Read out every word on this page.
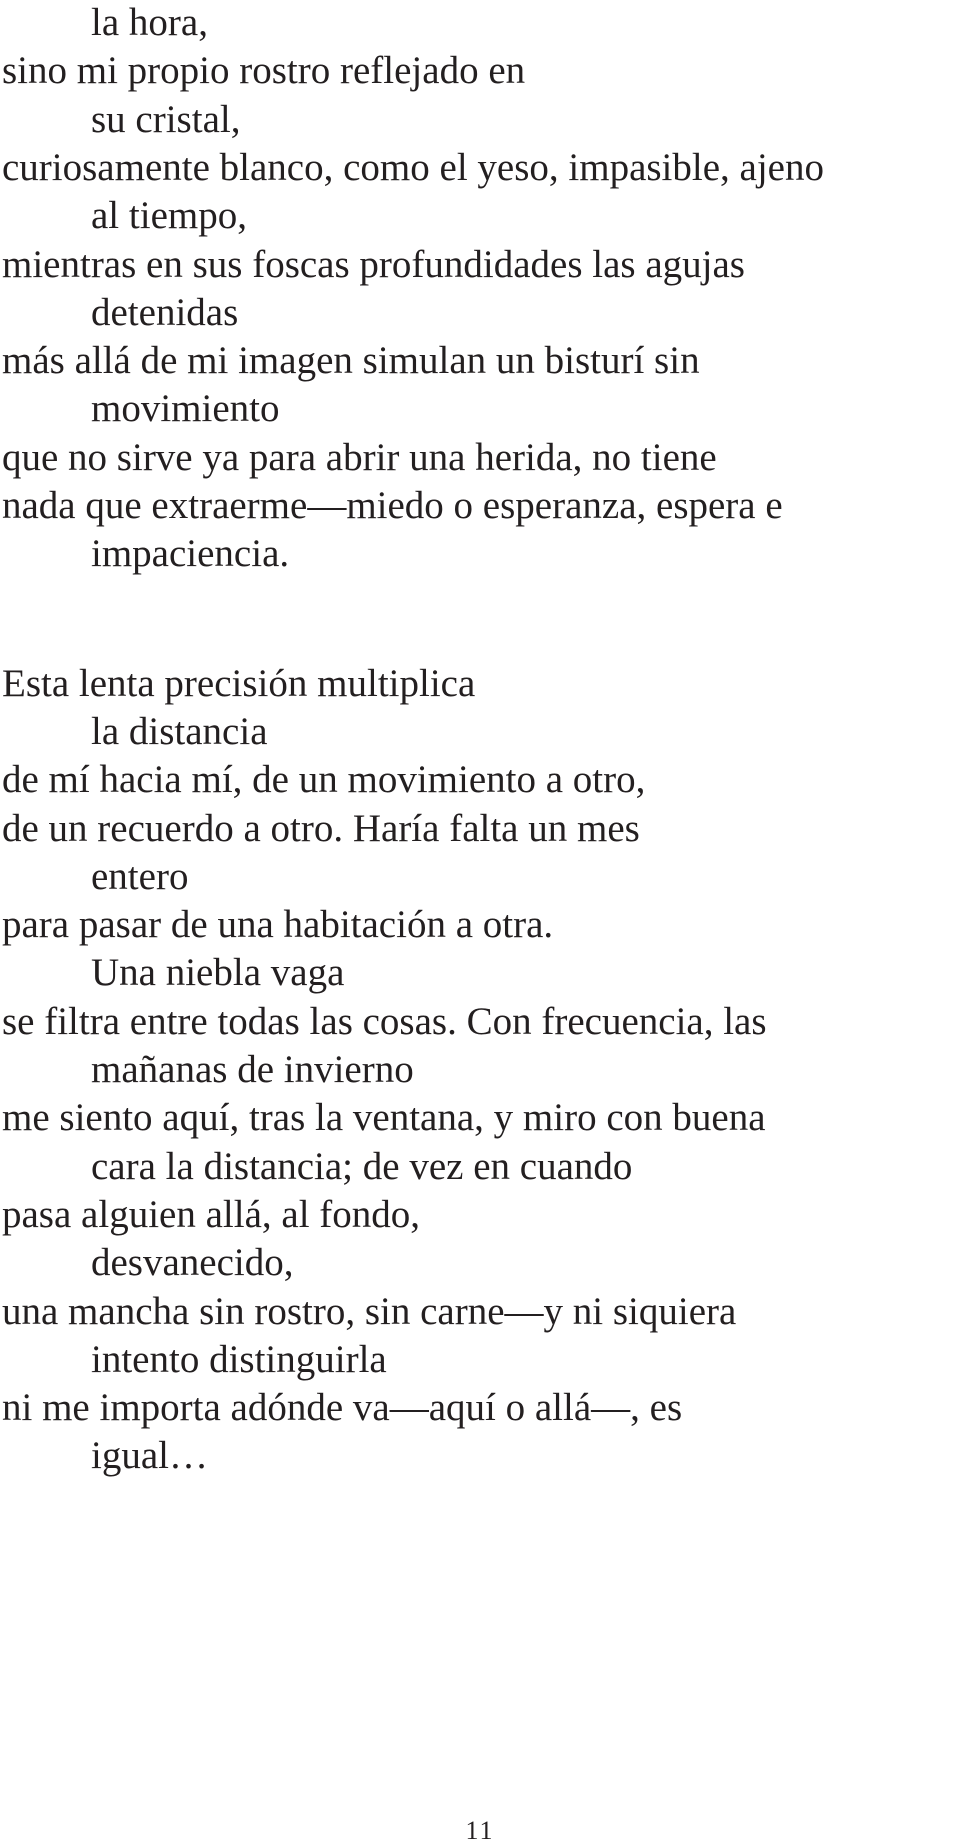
la hora,
sino mi propio rostro reflejado en
su cristal,
curiosamente blanco, como el yeso, impasible, ajeno
al tiempo,
mientras en sus foscas profundidades las agujas
detenidas
más allá de mi imagen simulan un bisturí sin
movimiento
que no sirve ya para abrir una herida, no tiene
nada que extraerme—miedo o esperanza, espera e
impaciencia.
Esta lenta precisión multiplica
la distancia
de mí hacia mí, de un movimiento a otro,
de un recuerdo a otro. Haría falta un mes
entero
para pasar de una habitación a otra.
Una niebla vaga
se filtra entre todas las cosas. Con frecuencia, las
mañanas de invierno
me siento aquí, tras la ventana, y miro con buena
cara la distancia; de vez en cuando
pasa alguien allá, al fondo,
desvanecido,
una mancha sin rostro, sin carne—y ni siquiera
intento distinguirla
ni me importa adónde va—aquí o allá—, es
igual…
11
